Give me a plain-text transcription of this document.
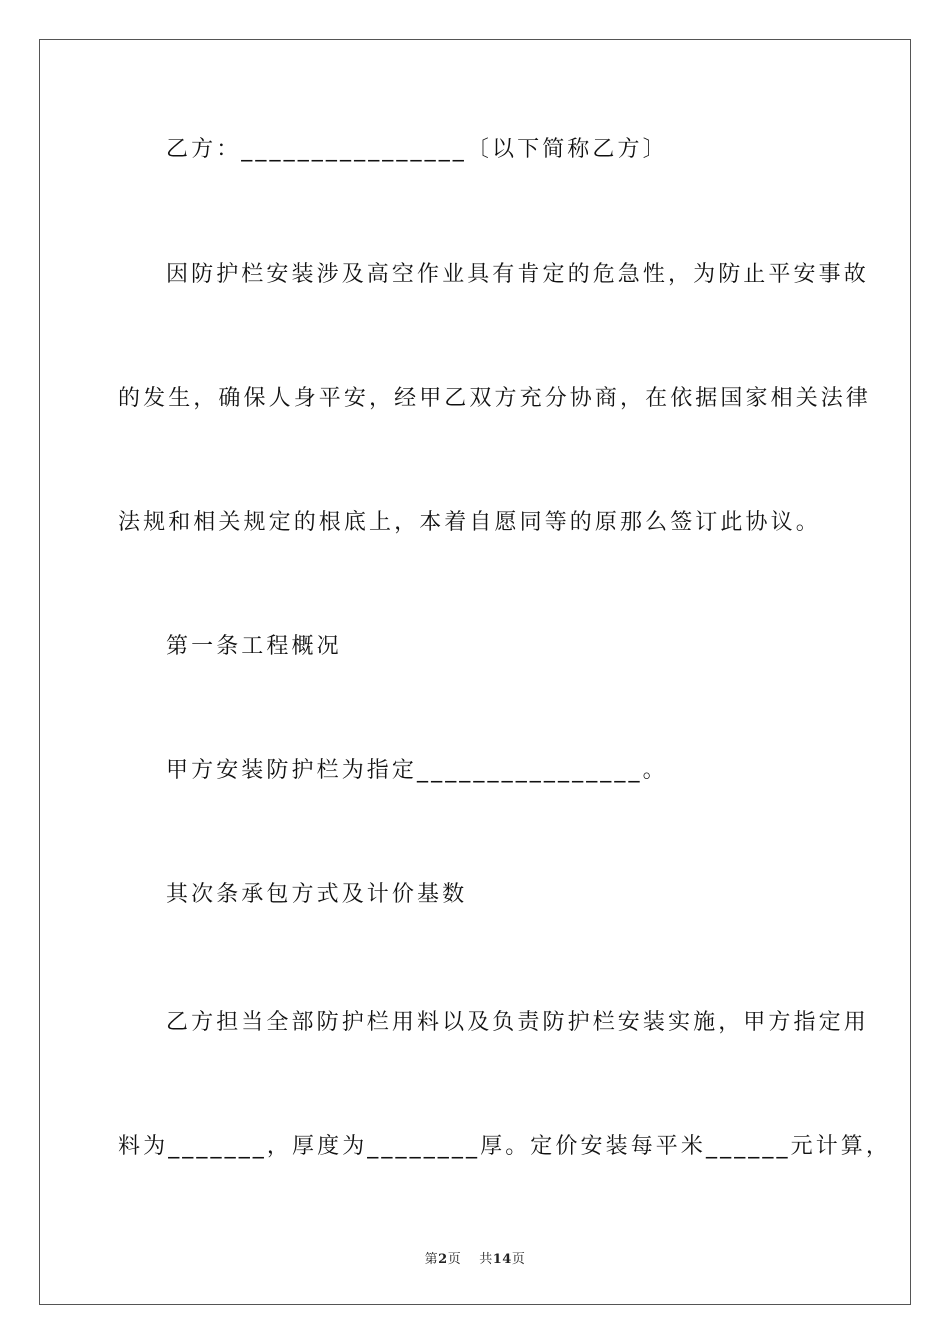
乙方：________________〔以下简称乙方〕
因防护栏安装涉及高空作业具有肯定的危急性，为防止平安事故
的发生，确保人身平安，经甲乙双方充分协商，在依据国家相关法律
法规和相关规定的根底上，本着自愿同等的原那么签订此协议。
第一条工程概况
甲方安装防护栏为指定________________。
其次条承包方式及计价基数
乙方担当全部防护栏用料以及负责防护栏安装实施，甲方指定用
料为_______，厚度为________厚。定价安装每平米______元计算，
第2页 共14页
